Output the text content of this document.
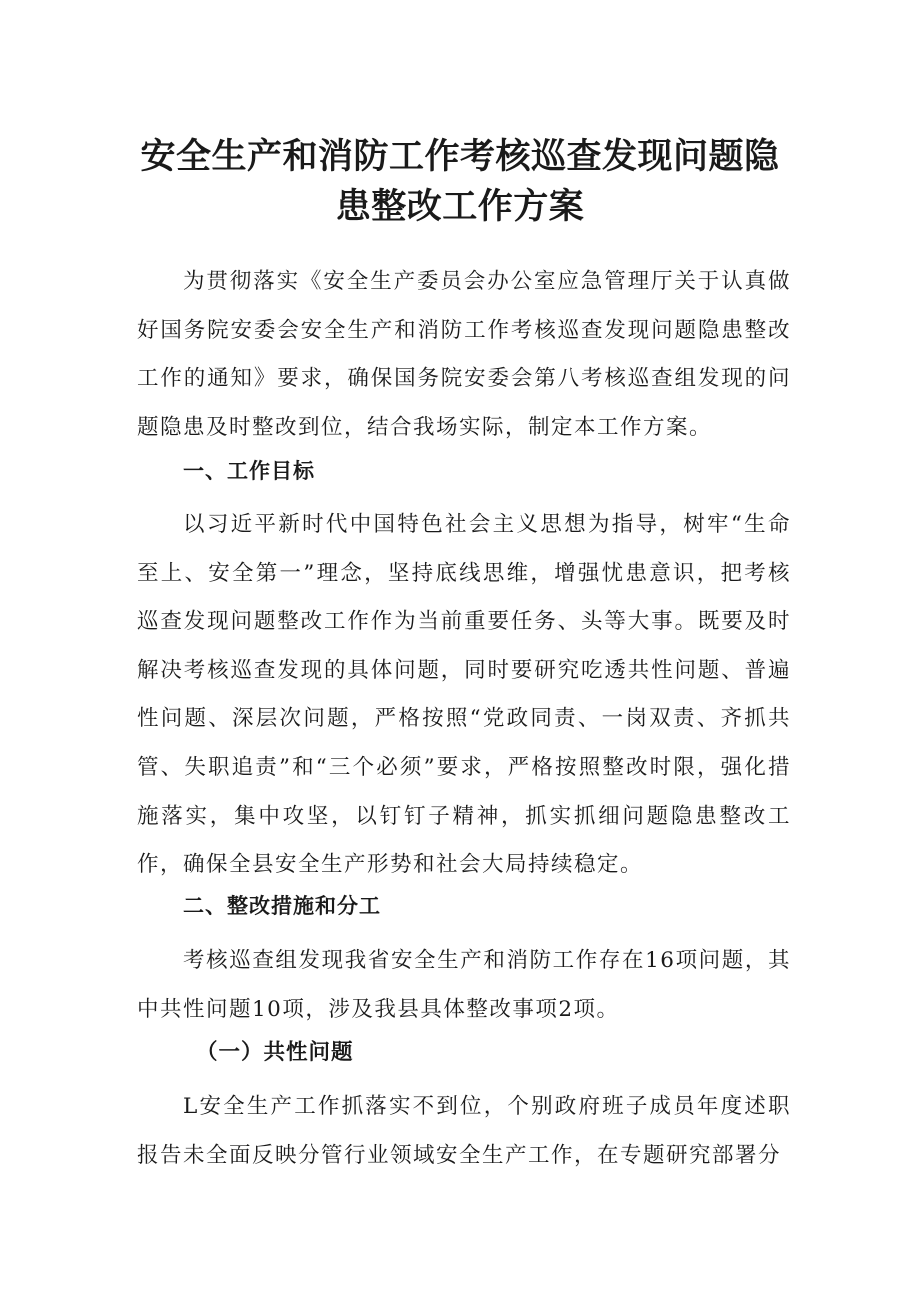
安全生产和消防工作考核巡查发现问题隐
患整改工作方案

为贯彻落实《安全生产委员会办公室应急管理厅关于认真做好国务院安委会安全生产和消防工作考核巡查发现问题隐患整改工作的通知》要求，确保国务院安委会第八考核巡查组发现的问题隐患及时整改到位，结合我场实际，制定本工作方案。

一、工作目标

以习近平新时代中国特色社会主义思想为指导，树牢“生命至上、安全第一”理念，坚持底线思维，增强忧患意识，把考核巡查发现问题整改工作作为当前重要任务、头等大事。既要及时解决考核巡查发现的具体问题，同时要研究吃透共性问题、普遍性问题、深层次问题，严格按照“党政同责、一岗双责、齐抓共管、失职追责”和“三个必须”要求，严格按照整改时限，强化措施落实，集中攻坚，以钉钉子精神，抓实抓细问题隐患整改工作，确保全县安全生产形势和社会大局持续稳定。

二、整改措施和分工

考核巡查组发现我省安全生产和消防工作存在16项问题，其中共性问题10项，涉及我县具体整改事项2项。

（一）共性问题

L安全生产工作抓落实不到位，个别政府班子成员年度述职报告未全面反映分管行业领域安全生产工作，在专题研究部署分
